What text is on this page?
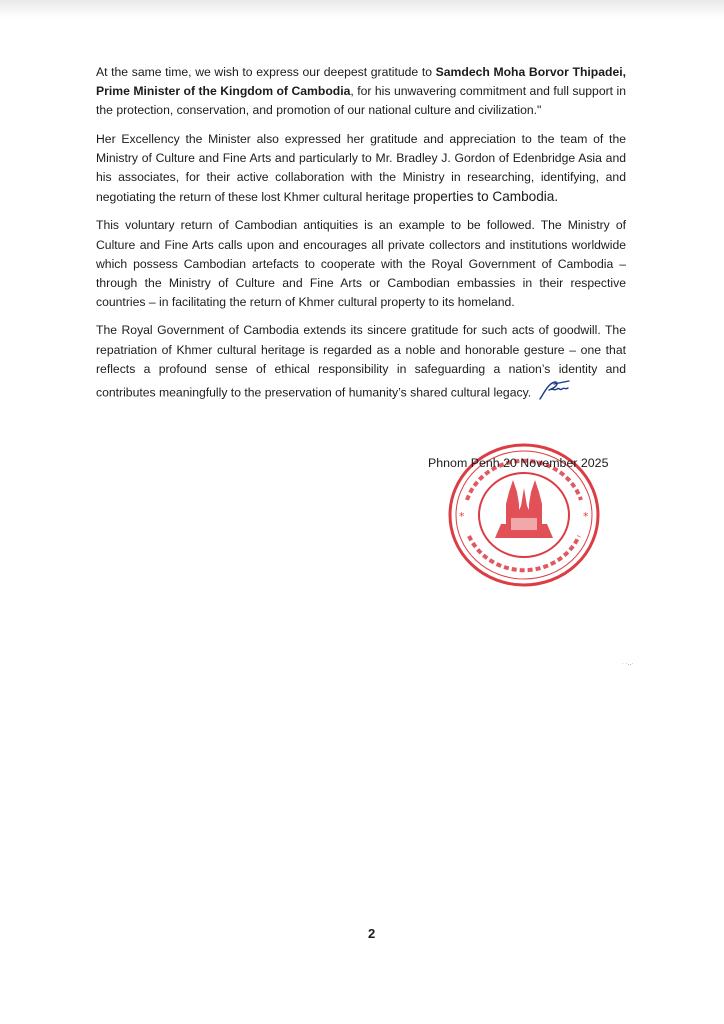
At the same time, we wish to express our deepest gratitude to Samdech Moha Borvor Thipadei, Prime Minister of the Kingdom of Cambodia, for his unwavering commitment and full support in the protection, conservation, and promotion of our national culture and civilization."

Her Excellency the Minister also expressed her gratitude and appreciation to the team of the Ministry of Culture and Fine Arts and particularly to Mr. Bradley J. Gordon of Edenbridge Asia and his associates, for their active collaboration with the Ministry in researching, identifying, and negotiating the return of these lost Khmer cultural heritage properties to Cambodia.

This voluntary return of Cambodian antiquities is an example to be followed. The Ministry of Culture and Fine Arts calls upon and encourages all private collectors and institutions worldwide which possess Cambodian artefacts to cooperate with the Royal Government of Cambodia – through the Ministry of Culture and Fine Arts or Cambodian embassies in their respective countries – in facilitating the return of Khmer cultural property to its homeland.

The Royal Government of Cambodia extends its sincere gratitude for such acts of goodwill. The repatriation of Khmer cultural heritage is regarded as a noble and honorable gesture – one that reflects a profound sense of ethical responsibility in safeguarding a nation’s identity and contributes meaningfully to the preservation of humanity’s shared cultural legacy.

*	*
Phnom Penh 20 November 2025
· ·‥·
2
